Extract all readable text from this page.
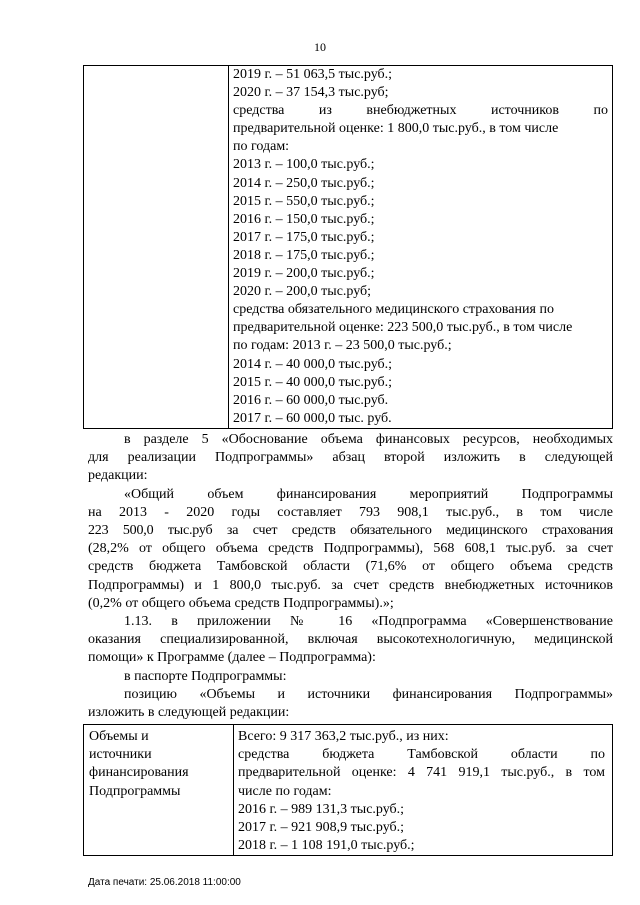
10

2019 г. – 51 063,5 тыс.руб.;
2020 г. – 37 154,3 тыс.руб;
средства из внебюджетных источников по
предварительной оценке: 1 800,0 тыс.руб., в том числе
по годам:
2013 г. – 100,0 тыс.руб.;
2014 г. – 250,0 тыс.руб.;
2015 г. – 550,0 тыс.руб.;
2016 г. – 150,0 тыс.руб.;
2017 г. – 175,0 тыс.руб.;
2018 г. – 175,0 тыс.руб.;
2019 г. – 200,0 тыс.руб.;
2020 г. – 200,0 тыс.руб;
средства обязательного медицинского страхования по
предварительной оценке: 223 500,0 тыс.руб., в том числе
по годам: 2013 г. – 23 500,0 тыс.руб.;
2014 г. – 40 000,0 тыс.руб.;
2015 г. – 40 000,0 тыс.руб.;
2016 г. – 60 000,0 тыс.руб.
2017 г. – 60 000,0 тыс. руб.

в разделе 5 «Обоснование объема финансовых ресурсов, необходимых

для реализации Подпрограммы» абзац второй изложить в следующей

редакции:

«Общий объем финансирования мероприятий Подпрограммы

на 2013 - 2020 годы составляет 793 908,1 тыс.руб., в том числе

223 500,0 тыс.руб за счет средств обязательного медицинского страхования

(28,2% от общего объема средств Подпрограммы), 568 608,1 тыс.руб. за счет

средств бюджета Тамбовской области (71,6% от общего объема средств

Подпрограммы) и 1 800,0 тыс.руб. за счет средств внебюджетных источников

(0,2% от общего объема средств Подпрограммы).»;

1.13. в приложении № 16 «Подпрограмма «Совершенствование

оказания специализированной, включая высокотехнологичную, медицинской

помощи» к Программе (далее – Подпрограмма):

в паспорте Подпрограммы:

позицию «Объемы и источники финансирования Подпрограммы»

изложить в следующей редакции:

Объемы и
источники
финансирования
Подпрограммы

Всего: 9 317 363,2 тыс.руб., из них:
средства бюджета Тамбовской области по
предварительной оценке: 4 741 919,1 тыс.руб., в том
числе по годам:
2016 г. – 989 131,3 тыс.руб.;
2017 г. – 921 908,9 тыс.руб.;
2018 г. – 1 108 191,0 тыс.руб.;
Дата печати: 25.06.2018 11:00:00
